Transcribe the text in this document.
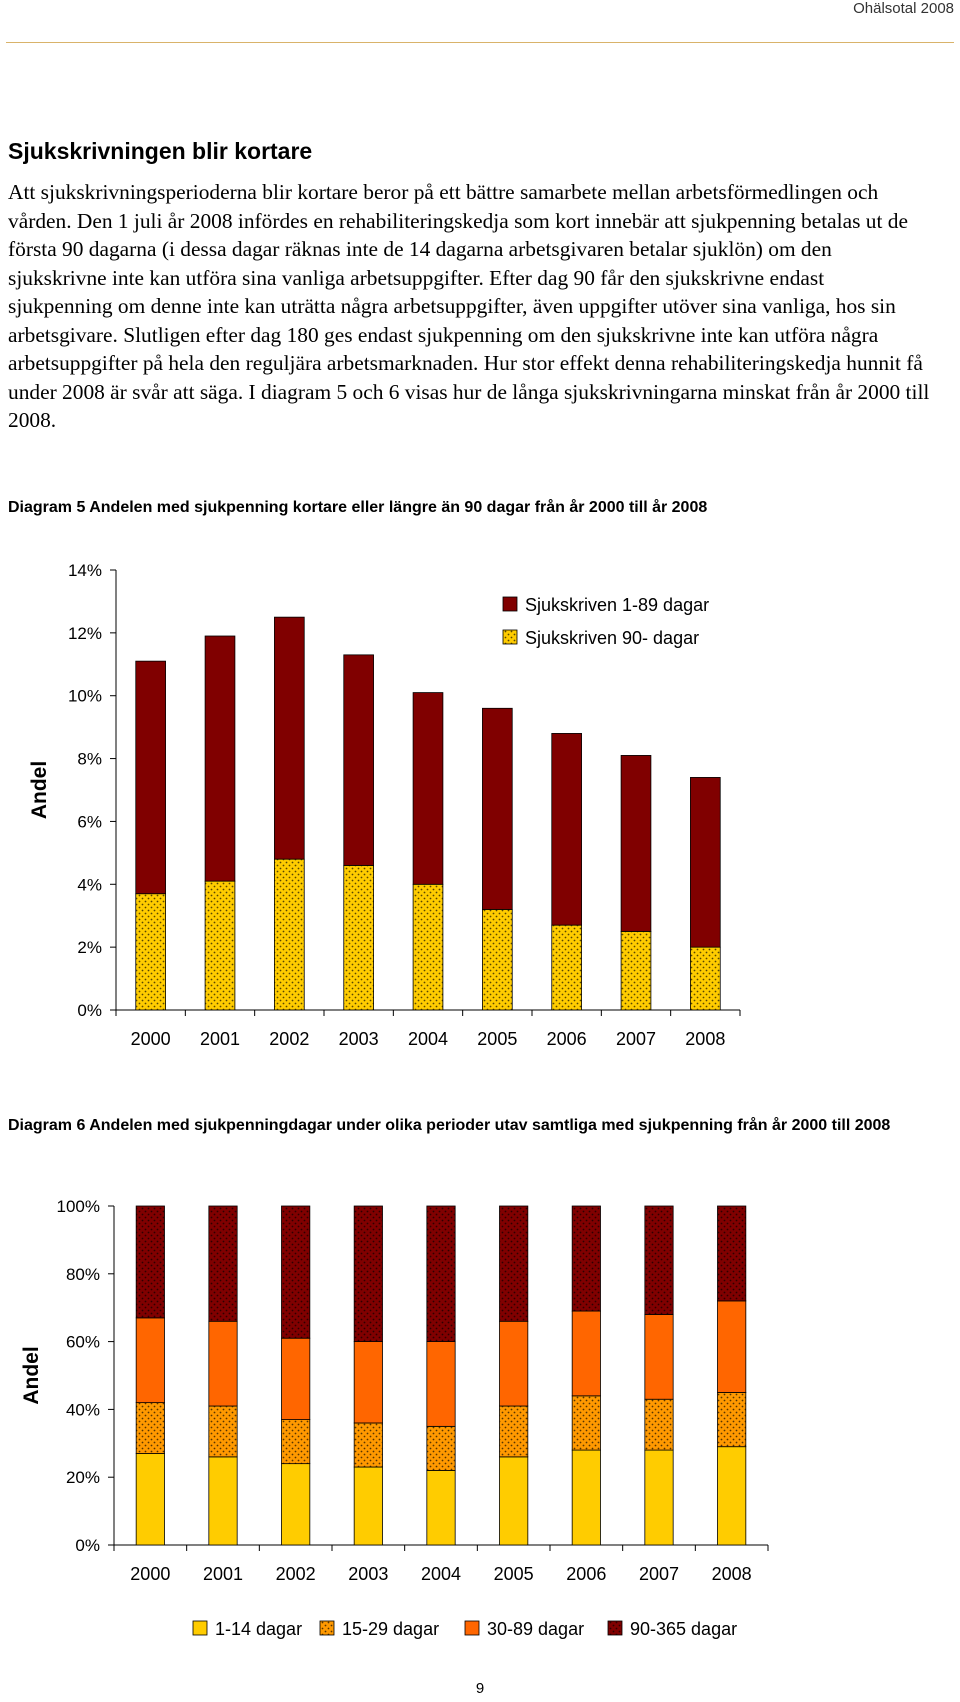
Ohälsotal 2008
Sjukskrivningen blir kortare
Att sjukskrivningsperioderna blir kortare beror på ett bättre samarbete mellan arbetsförmedlingen och vården. Den 1 juli år 2008 infördes en rehabiliteringskedja som kort innebär att sjukpenning betalas ut de första 90 dagarna (i dessa dagar räknas inte de 14 dagarna arbetsgivaren betalar sjuklön) om den sjukskrivne inte kan utföra sina vanliga arbetsuppgifter. Efter dag 90 får den sjukskrivne endast sjukpenning om denne inte kan uträtta några arbetsuppgifter, även uppgifter utöver sina vanliga, hos sin arbetsgivare. Slutligen efter dag 180 ges endast sjukpenning om den sjukskrivne inte kan utföra några arbetsuppgifter på hela den reguljära arbetsmarknaden. Hur stor effekt denna rehabiliteringskedja hunnit få under 2008 är svår att säga. I diagram 5 och 6 visas hur de långa sjukskrivningarna minskat från år 2000 till 2008.
Diagram 5 Andelen med sjukpenning kortare eller längre än 90 dagar från år 2000 till år 2008
0%
2%
4%
6%
8%
10%
12%
14%
2000 2001 2002 2003 2004 2005 2006 2007 2008
Andel
Sjukskriven 1-89 dagar
Sjukskriven 90- dagar
Diagram 6 Andelen med sjukpenningdagar under olika perioder utav samtliga med sjukpenning från år 2000 till 2008
0%
20%
40%
60%
80%
100%
2000 2001 2002 2003 2004 2005 2006 2007 2008
Andel
1-14 dagar 15-29 dagar	30-89 dagar	90-365 dagar
9
